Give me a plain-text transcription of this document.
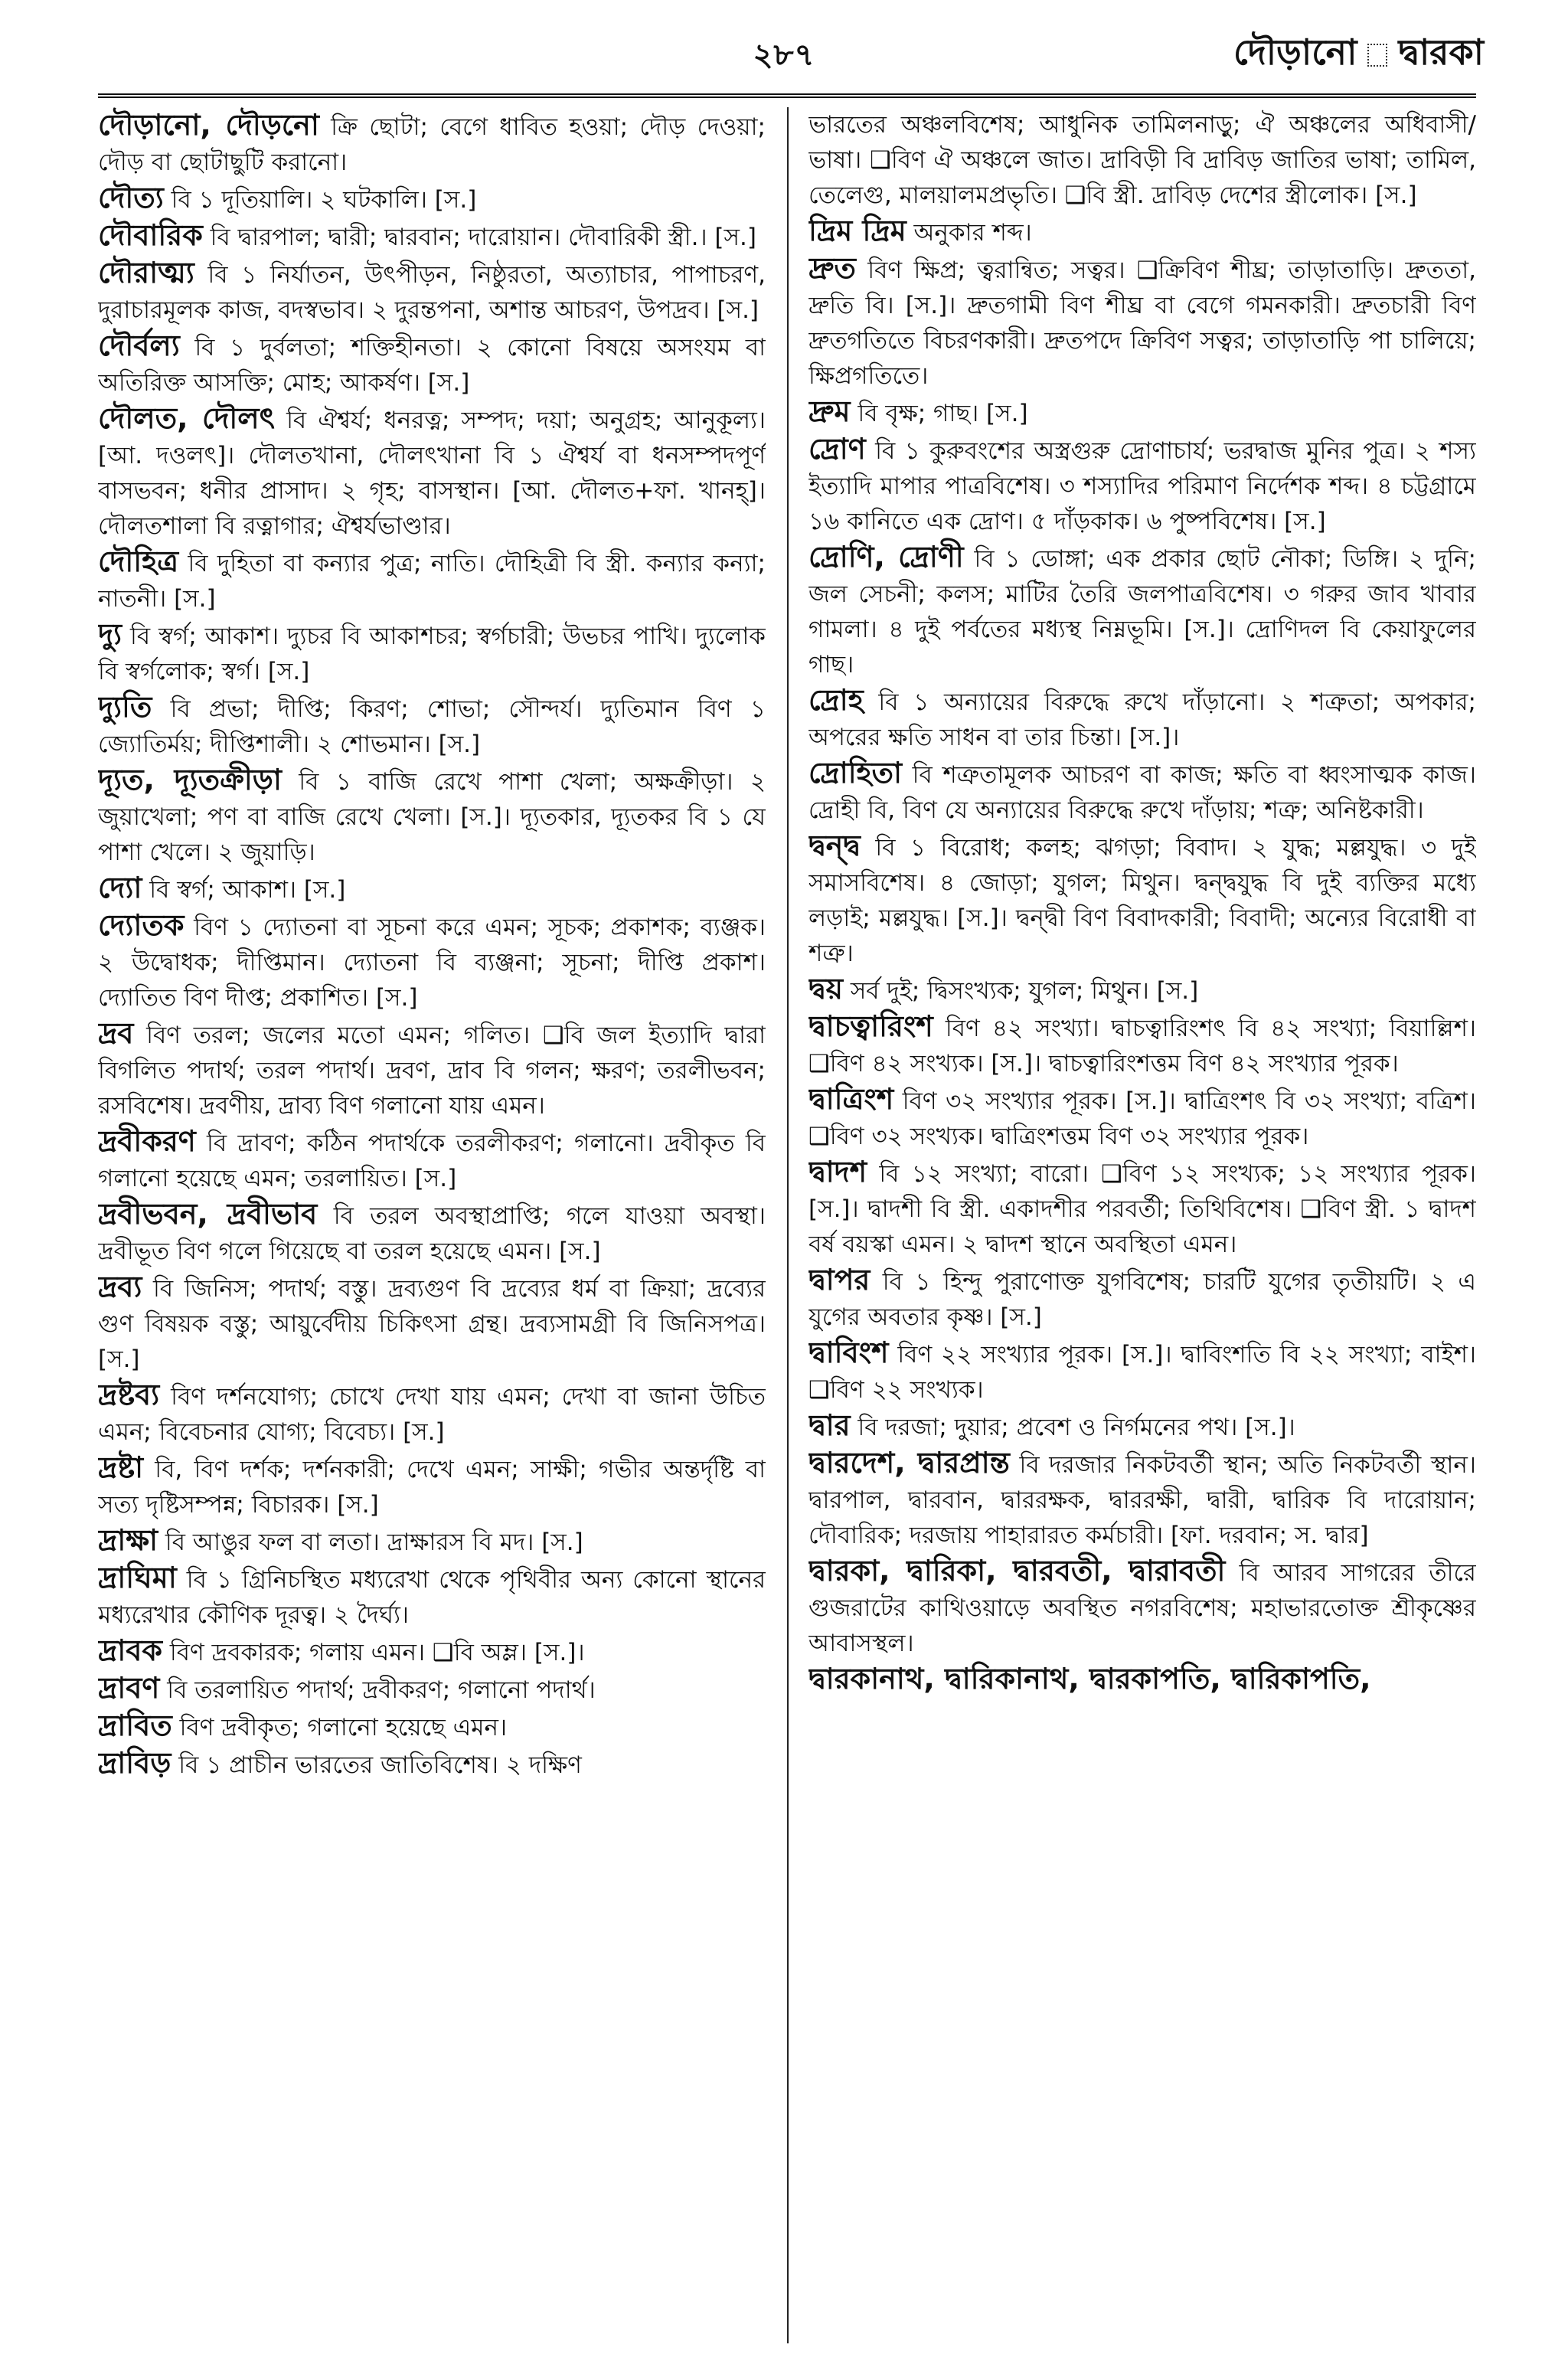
২৮৭	দৌড়ানো দ্বারকা

দৌড়ানো, দৌড়নো ক্রি ছোটা; বেগে ধাবিত হওয়া; দৌড় দেওয়া; দৌড় বা ছোটাছুটি করানো।

দৌত্য বি ১ দূতিয়ালি। ২ ঘটকালি। [স.]

দৌবারিক বি দ্বারপাল; দ্বারী; দ্বারবান; দারোয়ান। দৌবারিকী স্ত্রী.। [স.]

দৌরাত্ম্য বি ১ নির্যাতন, উৎপীড়ন, নিষ্ঠুরতা, অত্যাচার, পাপাচরণ, দুরাচারমূলক কাজ, বদস্বভাব। ২ দুরন্তপনা, অশান্ত আচরণ, উপদ্রব। [স.]

দৌর্বল্য বি ১ দুর্বলতা; শক্তিহীনতা। ২ কোনো বিষয়ে অসংযম বা অতিরিক্ত আসক্তি; মোহ; আকর্ষণ। [স.]

দৌলত, দৌলৎ বি ঐশ্বর্য; ধনরত্ন; সম্পদ; দয়া; অনুগ্রহ; আনুকূল্য। [আ. দওলৎ]। দৌলতখানা, দৌলৎখানা বি ১ ঐশ্বর্য বা ধনসম্পদপূর্ণ বাসভবন; ধনীর প্রাসাদ। ২ গৃহ; বাসস্থান। [আ. দৌলত+ফা. খানহ্]। দৌলতশালা বি রত্নাগার; ঐশ্বর্যভাণ্ডার।

দৌহিত্র বি দুহিতা বা কন্যার পুত্র; নাতি। দৌহিত্রী বি স্ত্রী. কন্যার কন্যা; নাতনী। [স.]

দ্যু বি স্বর্গ; আকাশ। দ্যুচর বি আকাশচর; স্বর্গচারী; উভচর পাখি। দ্যুলোক বি স্বর্গলোক; স্বর্গ। [স.]

দ্যুতি বি প্রভা; দীপ্তি; কিরণ; শোভা; সৌন্দর্য। দ্যুতিমান বিণ ১ জ্যোতির্ময়; দীপ্তিশালী। ২ শোভমান। [স.]

দ্যূত, দ্যূতক্রীড়া বি ১ বাজি রেখে পাশা খেলা; অক্ষক্রীড়া। ২ জুয়াখেলা; পণ বা বাজি রেখে খেলা। [স.]। দ্যূতকার, দ্যূতকর বি ১ যে পাশা খেলে। ২ জুয়াড়ি।

দ্যো বি স্বর্গ; আকাশ। [স.]

দ্যোতক বিণ ১ দ্যোতনা বা সূচনা করে এমন; সূচক; প্রকাশক; ব্যঞ্জক। ২ উদ্বোধক; দীপ্তিমান। দ্যোতনা বি ব্যঞ্জনা; সূচনা; দীপ্তি প্রকাশ। দ্যোতিত বিণ দীপ্ত; প্রকাশিত। [স.]

দ্রব বিণ তরল; জলের মতো এমন; গলিত। ❑বি জল ইত্যাদি দ্বারা বিগলিত পদার্থ; তরল পদার্থ। দ্রবণ, দ্রাব বি গলন; ক্ষরণ; তরলীভবন; রসবিশেষ। দ্রবণীয়, দ্রাব্য বিণ গলানো যায় এমন।

দ্রবীকরণ বি দ্রাবণ; কঠিন পদার্থকে তরলীকরণ; গলানো। দ্রবীকৃত বি গলানো হয়েছে এমন; তরলায়িত। [স.]

দ্রবীভবন, দ্রবীভাব বি তরল অবস্থাপ্রাপ্তি; গলে যাওয়া অবস্থা। দ্রবীভূত বিণ গলে গিয়েছে বা তরল হয়েছে এমন। [স.]

দ্রব্য বি জিনিস; পদার্থ; বস্তু। দ্রব্যগুণ বি দ্রব্যের ধর্ম বা ক্রিয়া; দ্রব্যের গুণ বিষয়ক বস্তু; আয়ুর্বেদীয় চিকিৎসা গ্রন্থ। দ্রব্যসামগ্রী বি জিনিসপত্র। [স.]

দ্রষ্টব্য বিণ দর্শনযোগ্য; চোখে দেখা যায় এমন; দেখা বা জানা উচিত এমন; বিবেচনার যোগ্য; বিবেচ্য। [স.]

দ্রষ্টা বি, বিণ দর্শক; দর্শনকারী; দেখে এমন; সাক্ষী; গভীর অন্তর্দৃষ্টি বা সত্য দৃষ্টিসম্পন্ন; বিচারক। [স.]

দ্রাক্ষা বি আঙুর ফল বা লতা। দ্রাক্ষারস বি মদ। [স.]

দ্রাঘিমা বি ১ গ্রিনিচস্থিত মধ্যরেখা থেকে পৃথিবীর অন্য কোনো স্থানের মধ্যরেখার কৌণিক দূরত্ব। ২ দৈর্ঘ্য।

দ্রাবক বিণ দ্রবকারক; গলায় এমন। ❑বি অম্ল। [স.]।

দ্রাবণ বি তরলায়িত পদার্থ; দ্রবীকরণ; গলানো পদার্থ।

দ্রাবিত বিণ দ্রবীকৃত; গলানো হয়েছে এমন।

দ্রাবিড় বি ১ প্রাচীন ভারতের জাতিবিশেষ। ২ দক্ষিণ

ভারতের অঞ্চলবিশেষ; আধুনিক তামিলনাড়ু; ঐ অঞ্চলের অধিবাসী/ ভাষা। ❑বিণ ঐ অঞ্চলে জাত। দ্রাবিড়ী বি দ্রাবিড় জাতির ভাষা; তামিল, তেলেগু, মালয়ালমপ্রভৃতি। ❑বি স্ত্রী. দ্রাবিড় দেশের স্ত্রীলোক। [স.]

দ্রিম দ্রিম অনুকার শব্দ।

দ্রুত বিণ ক্ষিপ্র; ত্বরান্বিত; সত্বর। ❑ক্রিবিণ শীঘ্র; তাড়াতাড়ি। দ্রুততা, দ্রুতি বি। [স.]। দ্রুতগামী বিণ শীঘ্র বা বেগে গমনকারী। দ্রুতচারী বিণ দ্রুতগতিতে বিচরণকারী। দ্রুতপদে ক্রিবিণ সত্বর; তাড়াতাড়ি পা চালিয়ে; ক্ষিপ্রগতিতে।

দ্রুম বি বৃক্ষ; গাছ। [স.]

দ্রোণ বি ১ কুরুবংশের অস্ত্রগুরু দ্রোণাচার্য; ভরদ্বাজ মুনির পুত্র। ২ শস্য ইত্যাদি মাপার পাত্রবিশেষ। ৩ শস্যাদির পরিমাণ নির্দেশক শব্দ। ৪ চট্টগ্রামে ১৬ কানিতে এক দ্রোণ। ৫ দাঁড়কাক। ৬ পুষ্পবিশেষ। [স.]

দ্রোণি, দ্রোণী বি ১ ডোঙ্গা; এক প্রকার ছোট নৌকা; ডিঙ্গি। ২ দুনি; জল সেচনী; কলস; মাটির তৈরি জলপাত্রবিশেষ। ৩ গরুর জাব খাবার গামলা। ৪ দুই পর্বতের মধ্যস্থ নিম্নভূমি। [স.]। দ্রোণিদল বি কেয়াফুলের গাছ।

দ্রোহ বি ১ অন্যায়ের বিরুদ্ধে রুখে দাঁড়ানো। ২ শত্রুতা; অপকার; অপরের ক্ষতি সাধন বা তার চিন্তা। [স.]।

দ্রোহিতা বি শত্রুতামূলক আচরণ বা কাজ; ক্ষতি বা ধ্বংসাত্মক কাজ। দ্রোহী বি, বিণ যে অন্যায়ের বিরুদ্ধে রুখে দাঁড়ায়; শত্রু; অনিষ্টকারী।

দ্বন্দ্ব বি ১ বিরোধ; কলহ; ঝগড়া; বিবাদ। ২ যুদ্ধ; মল্লযুদ্ধ। ৩ দুই সমাসবিশেষ। ৪ জোড়া; যুগল; মিথুন। দ্বন্দ্বযুদ্ধ বি দুই ব্যক্তির মধ্যে লড়াই; মল্লযুদ্ধ। [স.]। দ্বন্দ্বী বিণ বিবাদকারী; বিবাদী; অন্যের বিরোধী বা শত্রু।

দ্বয় সর্ব দুই; দ্বিসংখ্যক; যুগল; মিথুন। [স.]

দ্বাচত্বারিংশ বিণ ৪২ সংখ্যা। দ্বাচত্বারিংশৎ বি ৪২ সংখ্যা; বিয়াল্লিশ। ❑বিণ ৪২ সংখ্যক। [স.]। দ্বাচত্বারিংশত্তম বিণ ৪২ সংখ্যার পূরক।

দ্বাত্রিংশ বিণ ৩২ সংখ্যার পূরক। [স.]। দ্বাত্রিংশৎ বি ৩২ সংখ্যা; বত্রিশ। ❑বিণ ৩২ সংখ্যক। দ্বাত্রিংশত্তম বিণ ৩২ সংখ্যার পূরক।

দ্বাদশ বি ১২ সংখ্যা; বারো। ❑বিণ ১২ সংখ্যক; ১২ সংখ্যার পূরক। [স.]। দ্বাদশী বি স্ত্রী. একাদশীর পরবর্তী; তিথিবিশেষ। ❑বিণ স্ত্রী. ১ দ্বাদশ বর্ষ বয়স্কা এমন। ২ দ্বাদশ স্থানে অবস্থিতা এমন।

দ্বাপর বি ১ হিন্দু পুরাণোক্ত যুগবিশেষ; চারটি যুগের তৃতীয়টি। ২ এ যুগের অবতার কৃষ্ণ। [স.]

দ্বাবিংশ বিণ ২২ সংখ্যার পূরক। [স.]। দ্বাবিংশতি বি ২২ সংখ্যা; বাইশ। ❑বিণ ২২ সংখ্যক।

দ্বার বি দরজা; দুয়ার; প্রবেশ ও নির্গমনের পথ। [স.]।

দ্বারদেশ, দ্বারপ্রান্ত বি দরজার নিকটবর্তী স্থান; অতি নিকটবর্তী স্থান। দ্বারপাল, দ্বারবান, দ্বাররক্ষক, দ্বাররক্ষী, দ্বারী, দ্বারিক বি দারোয়ান; দৌবারিক; দরজায় পাহারারত কর্মচারী। [ফা. দরবান; স. দ্বার]

দ্বারকা, দ্বারিকা, দ্বারবতী, দ্বারাবতী বি আরব সাগরের তীরে গুজরাটের কাথিওয়াড়ে অবস্থিত নগরবিশেষ; মহাভারতোক্ত শ্রীকৃষ্ণের আবাসস্থল।

দ্বারকানাথ, দ্বারিকানাথ, দ্বারকাপতি, দ্বারিকাপতি,
